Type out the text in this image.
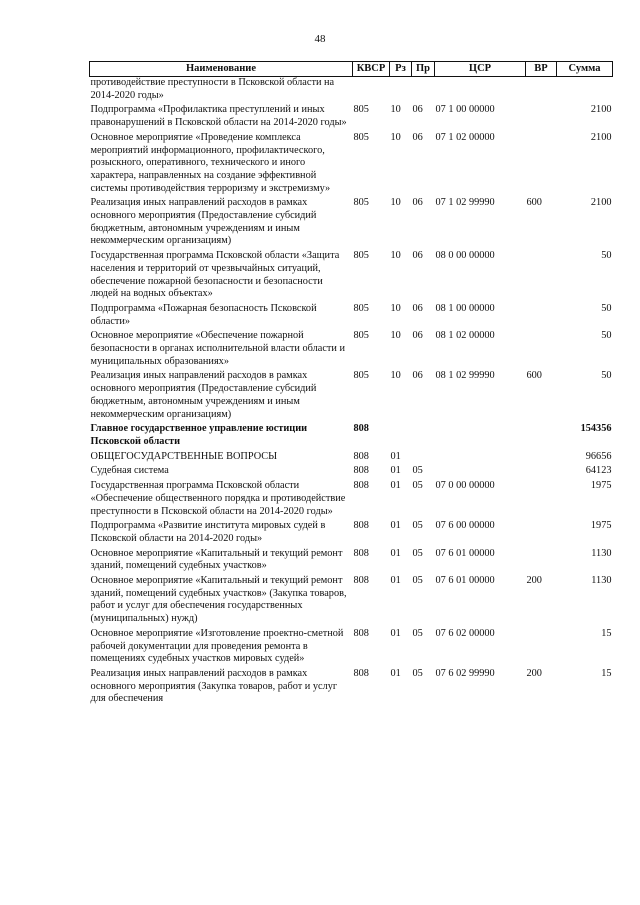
48
Наименование	КВСР	Рз	Пр	ЦСР	ВР	Сумма
противодействие преступности в Псковской области на 2014-2020 годы»						
Подпрограмма «Профилактика преступлений и иных правонарушений в Псковской области на 2014-2020 годы»	805	10	06	07 1 00 00000		2100
Основное мероприятие «Проведение комплекса мероприятий информационного, профилактического, розыскного, оперативного, технического и иного характера, направленных на создание эффективной системы противодействия терроризму и экстремизму»	805	10	06	07 1 02 00000		2100
Реализация иных направлений расходов в рамках основного мероприятия (Предоставление субсидий бюджетным, автономным учреждениям и иным некоммерческим организациям)	805	10	06	07 1 02 99990	600	2100
Государственная программа Псковской области «Защита населения и территорий от чрезвычайных ситуаций, обеспечение пожарной безопасности и безопасности людей на водных объектах»	805	10	06	08 0 00 00000		50
Подпрограмма «Пожарная безопасность Псковской области»	805	10	06	08 1 00 00000		50
Основное мероприятие «Обеспечение пожарной безопасности в органах исполнительной власти области и муниципальных образованиях»	805	10	06	08 1 02 00000		50
Реализация иных направлений расходов в рамках основного мероприятия (Предоставление субсидий бюджетным, автономным учреждениям и иным некоммерческим организациям)	805	10	06	08 1 02 99990	600	50
Главное государственное управление юстиции Псковской области	808					154356
ОБЩЕГОСУДАРСТВЕННЫЕ ВОПРОСЫ	808	01				96656
Судебная система	808	01	05			64123
Государственная программа Псковской области «Обеспечение общественного порядка и противодействие преступности в Псковской области на 2014-2020 годы»	808	01	05	07 0 00 00000		1975
Подпрограмма «Развитие института мировых судей в Псковской области на 2014-2020 годы»	808	01	05	07 6 00 00000		1975
Основное мероприятие «Капитальный и текущий ремонт зданий, помещений судебных участков»	808	01	05	07 6 01 00000		1130
Основное мероприятие «Капитальный и текущий ремонт зданий, помещений судебных участков» (Закупка товаров, работ и услуг для обеспечения государственных (муниципальных) нужд)	808	01	05	07 6 01 00000	200	1130
Основное мероприятие «Изготовление проектно-сметной рабочей документации для проведения ремонта в помещениях судебных участков мировых судей»	808	01	05	07 6 02 00000		15
Реализация иных направлений расходов в рамках основного мероприятия (Закупка товаров, работ и услуг для обеспечения	808	01	05	07 6 02 99990	200	15
